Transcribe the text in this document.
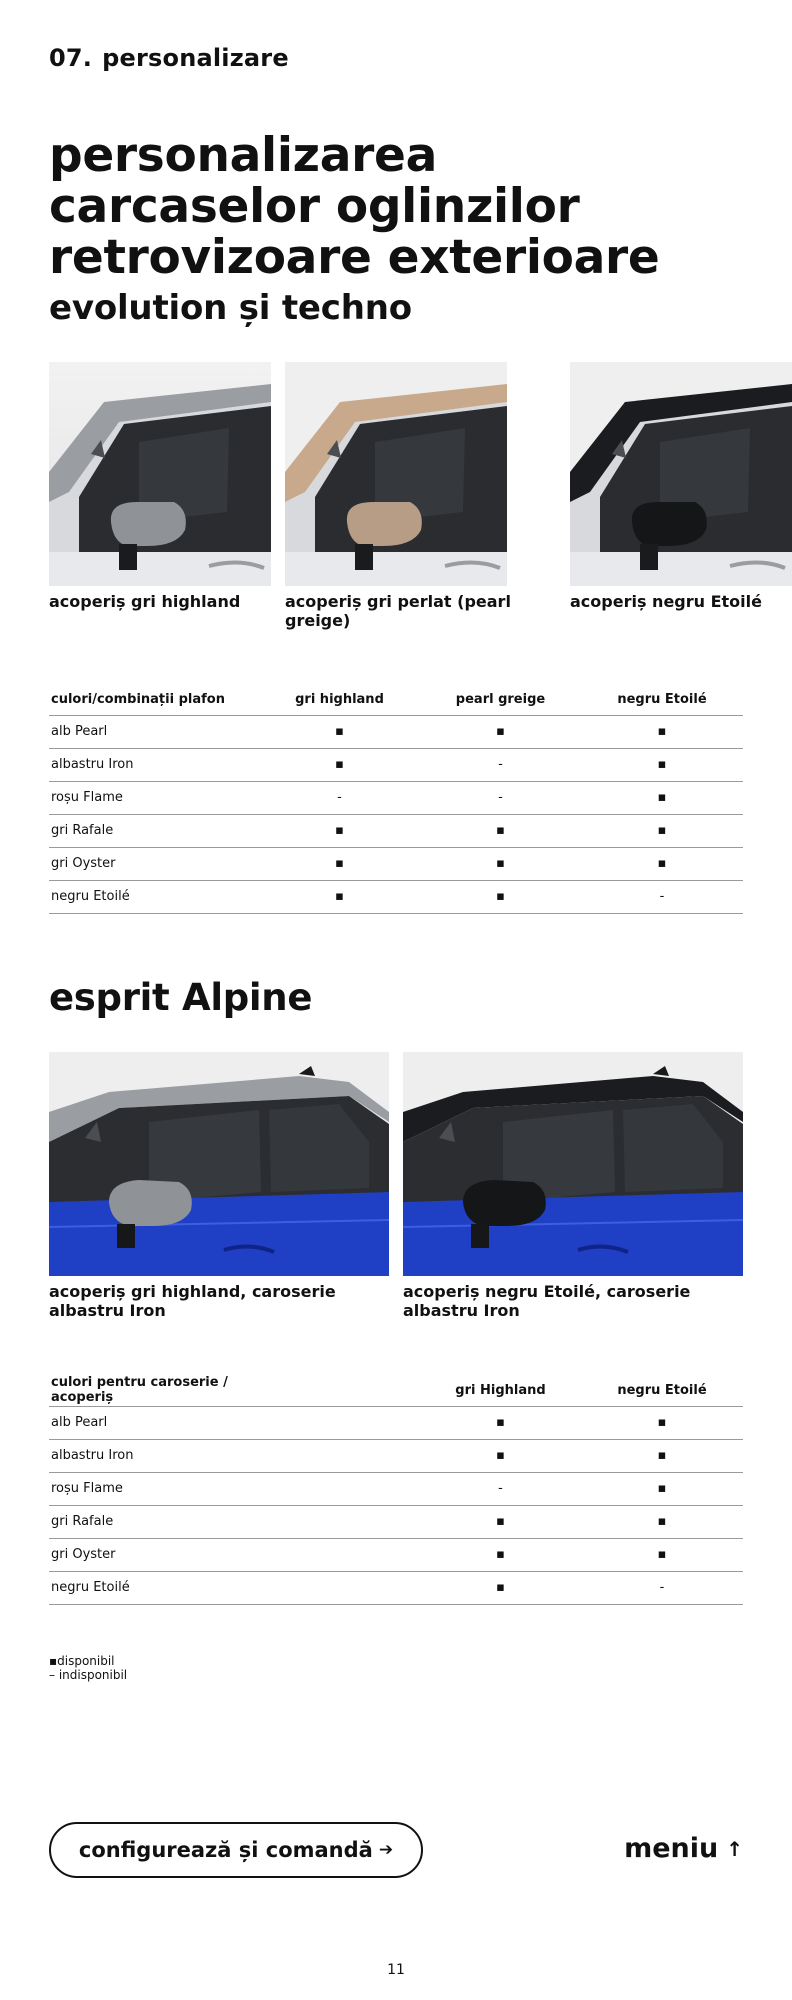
07. personalizare
personalizarea
carcaselor oglinzilor
retrovizoare exterioare
evolution și techno
acoperiș gri highland	acoperiș gri perlat (pearl greige)
acoperiș negru Etoilé
culori/combinații plafon	gri highland	pearl greige	negru Etoilé
alb Pearl	▪	▪	▪
albastru Iron	▪	-	▪
roșu Flame	-	-	▪
gri Rafale	▪	▪	▪
gri Oyster	▪	▪	▪
negru Etoilé	▪	▪	-
esprit Alpine
acoperiș gri highland, caroserie albastru Iron
acoperiș negru Etoilé, caroserie albastru Iron
culori pentru caroserie / acoperiș		gri Highland	negru Etoilé
alb Pearl		▪	▪
albastru Iron		▪	▪
roșu Flame		-	▪
gri Rafale		▪	▪
gri Oyster		▪	▪
negru Etoilé		▪	-
▪disponibil
– indisponibil
configurează și comandă ➔	meniu ↑
11
